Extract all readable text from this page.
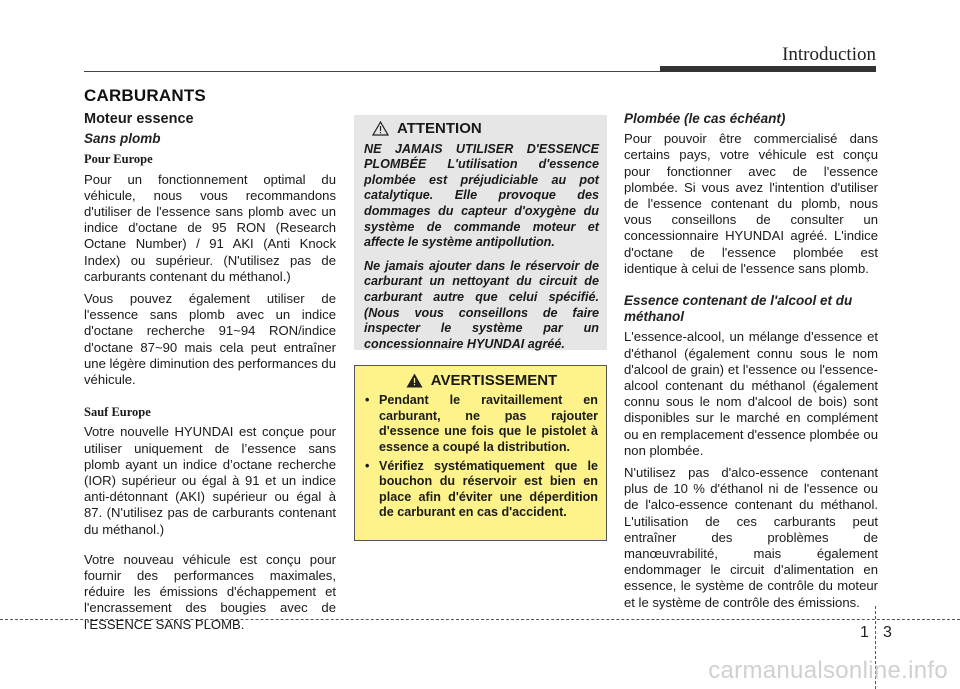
Introduction
CARBURANTS
Moteur essence
Sans plomb
Pour Europe

Pour un fonctionnement optimal du véhicule, nous vous recommandons d'utiliser de l'essence sans plomb avec un indice d'octane de 95 RON (Research Octane Number) / 91 AKI (Anti Knock Index) ou supérieur. (N'utilisez pas de carburants contenant du méthanol.)

Vous pouvez également utiliser de l'essence sans plomb avec un indice d'octane recherche 91~94 RON/indice d'octane 87~90 mais cela peut entraîner une légère diminution des performances du véhicule.

Sauf Europe

Votre nouvelle HYUNDAI est conçue pour utiliser uniquement de l’essence sans plomb ayant un indice d’octane recherche (IOR) supérieur ou égal à 91 et un indice anti-détonnant (AKI) supérieur ou égal à 87. (N'utilisez pas de carburants contenant du méthanol.)

Votre nouveau véhicule est conçu pour fournir des performances maximales, réduire les émissions d'échappement et l'encrassement des bougies avec de l'ESSENCE SANS PLOMB.

ATTENTION

NE JAMAIS UTILISER D'ESSENCE PLOMBÉE L'utilisation d'essence plombée est préjudiciable au pot catalytique. Elle provoque des dommages du capteur d'oxygène du système de commande moteur et affecte le système antipollution.

Ne jamais ajouter dans le réservoir de carburant un nettoyant du circuit de carburant autre que celui spécifié. (Nous vous conseillons de faire inspecter le système par un concessionnaire HYUNDAI agréé.

AVERTISSEMENT
• Pendant le ravitaillement en carburant, ne pas rajouter d'essence une fois que le pistolet à essence a coupé la distribution.
• Vérifiez systématiquement que le bouchon du réservoir est bien en place afin d'éviter une déperdition de carburant en cas d'accident.
Plombée (le cas échéant)

Pour pouvoir être commercialisé dans certains pays, votre véhicule est conçu pour fonctionner avec de l'essence plombée. Si vous avez l'intention d'utiliser de l'essence contenant du plomb, nous vous conseillons de consulter un concessionnaire HYUNDAI agréé. L'indice d'octane de l'essence plombée est identique à celui de l'essence sans plomb.

Essence contenant de l'alcool et du méthanol

L'essence-alcool, un mélange d'essence et d'éthanol (également connu sous le nom d'alcool de grain) et l'essence ou l'essence-alcool contenant du méthanol (également connu sous le nom d'alcool de bois) sont disponibles sur le marché en complément ou en remplacement d'essence plombée ou non plombée.

N'utilisez pas d'alco-essence contenant plus de 10 % d'éthanol ni de l'essence ou de l'alco-essence contenant du méthanol. L'utilisation de ces carburants peut entraîner des problèmes de manœuvrabilité, mais également endommager le circuit d'alimentation en essence, le système de contrôle du moteur et le système de contrôle des émissions.

1 3
carmanualsonline.info
